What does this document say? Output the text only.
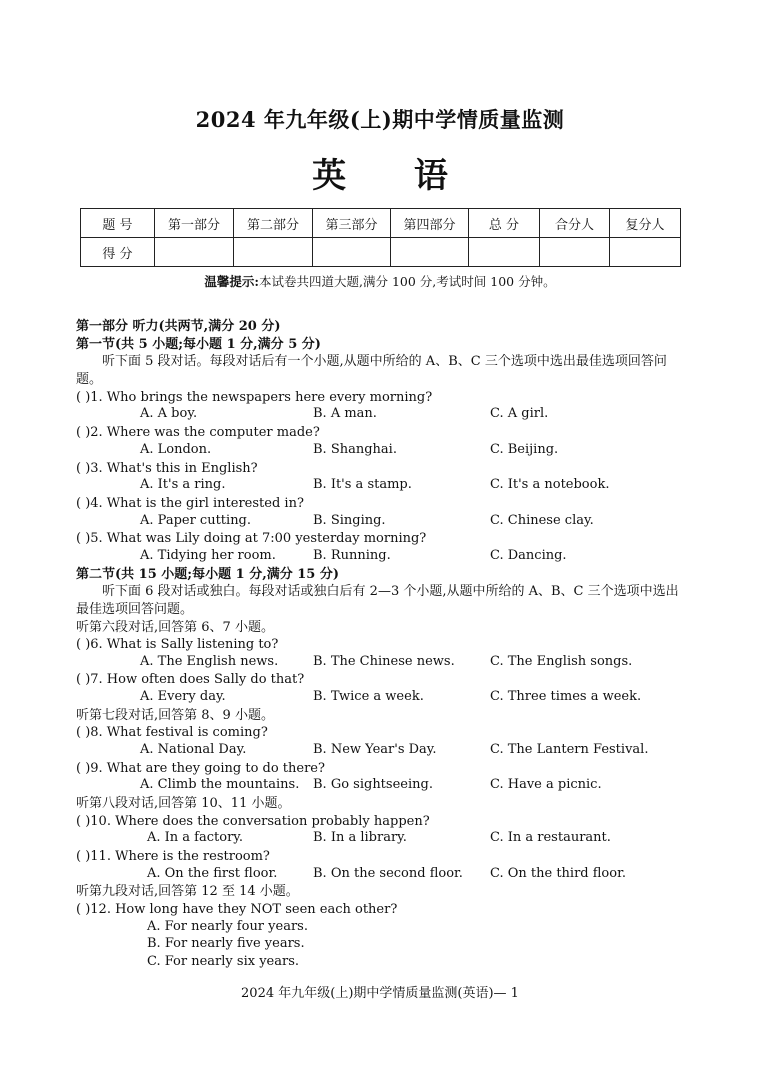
2024 年九年级(上)期中学情质量监测
英 语
题 号	第一部分	第二部分	第三部分	第四部分	总 分	合分人	复分人
得 分							
温馨提示:本试卷共四道大题,满分 100 分,考试时间 100 分钟。
第一部分 听力(共两节,满分 20 分)
第一节(共 5 小题;每小题 1 分,满分 5 分)
听下面 5 段对话。每段对话后有一个小题,从题中所给的 A、B、C 三个选项中选出最佳选项回答问题。
( )1. Who brings the newspapers here every morning?
A. A boy.	B. A man.	C. A girl.
( )2. Where was the computer made?
A. London.	B. Shanghai.	C. Beijing.
( )3. What's this in English?
A. It's a ring.	B. It's a stamp.	C. It's a notebook.
( )4. What is the girl interested in?
A. Paper cutting.	B. Singing.	C. Chinese clay.
( )5. What was Lily doing at 7:00 yesterday morning?
A. Tidying her room.	B. Running.	C. Dancing.
第二节(共 15 小题;每小题 1 分,满分 15 分)
听下面 6 段对话或独白。每段对话或独白后有 2—3 个小题,从题中所给的 A、B、C 三个选项中选出最佳选项回答问题。
听第六段对话,回答第 6、7 小题。
( )6. What is Sally listening to?
A. The English news.	B. The Chinese news.	C. The English songs.
( )7. How often does Sally do that?
A. Every day.	B. Twice a week.	C. Three times a week.
听第七段对话,回答第 8、9 小题。
( )8. What festival is coming?
A. National Day.	B. New Year's Day.	C. The Lantern Festival.
( )9. What are they going to do there?
A. Climb the mountains. B. Go sightseeing.	C. Have a picnic.
听第八段对话,回答第 10、11 小题。
( )10. Where does the conversation probably happen?
A. In a factory.	B. In a library.	C. In a restaurant.
( )11. Where is the restroom?
A. On the first floor.	B. On the second floor. C. On the third floor.
听第九段对话,回答第 12 至 14 小题。
( )12. How long have they NOT seen each other?
A. For nearly four years.
B. For nearly five years.
C. For nearly six years.
2024 年九年级(上)期中学情质量监测(英语)— 1
